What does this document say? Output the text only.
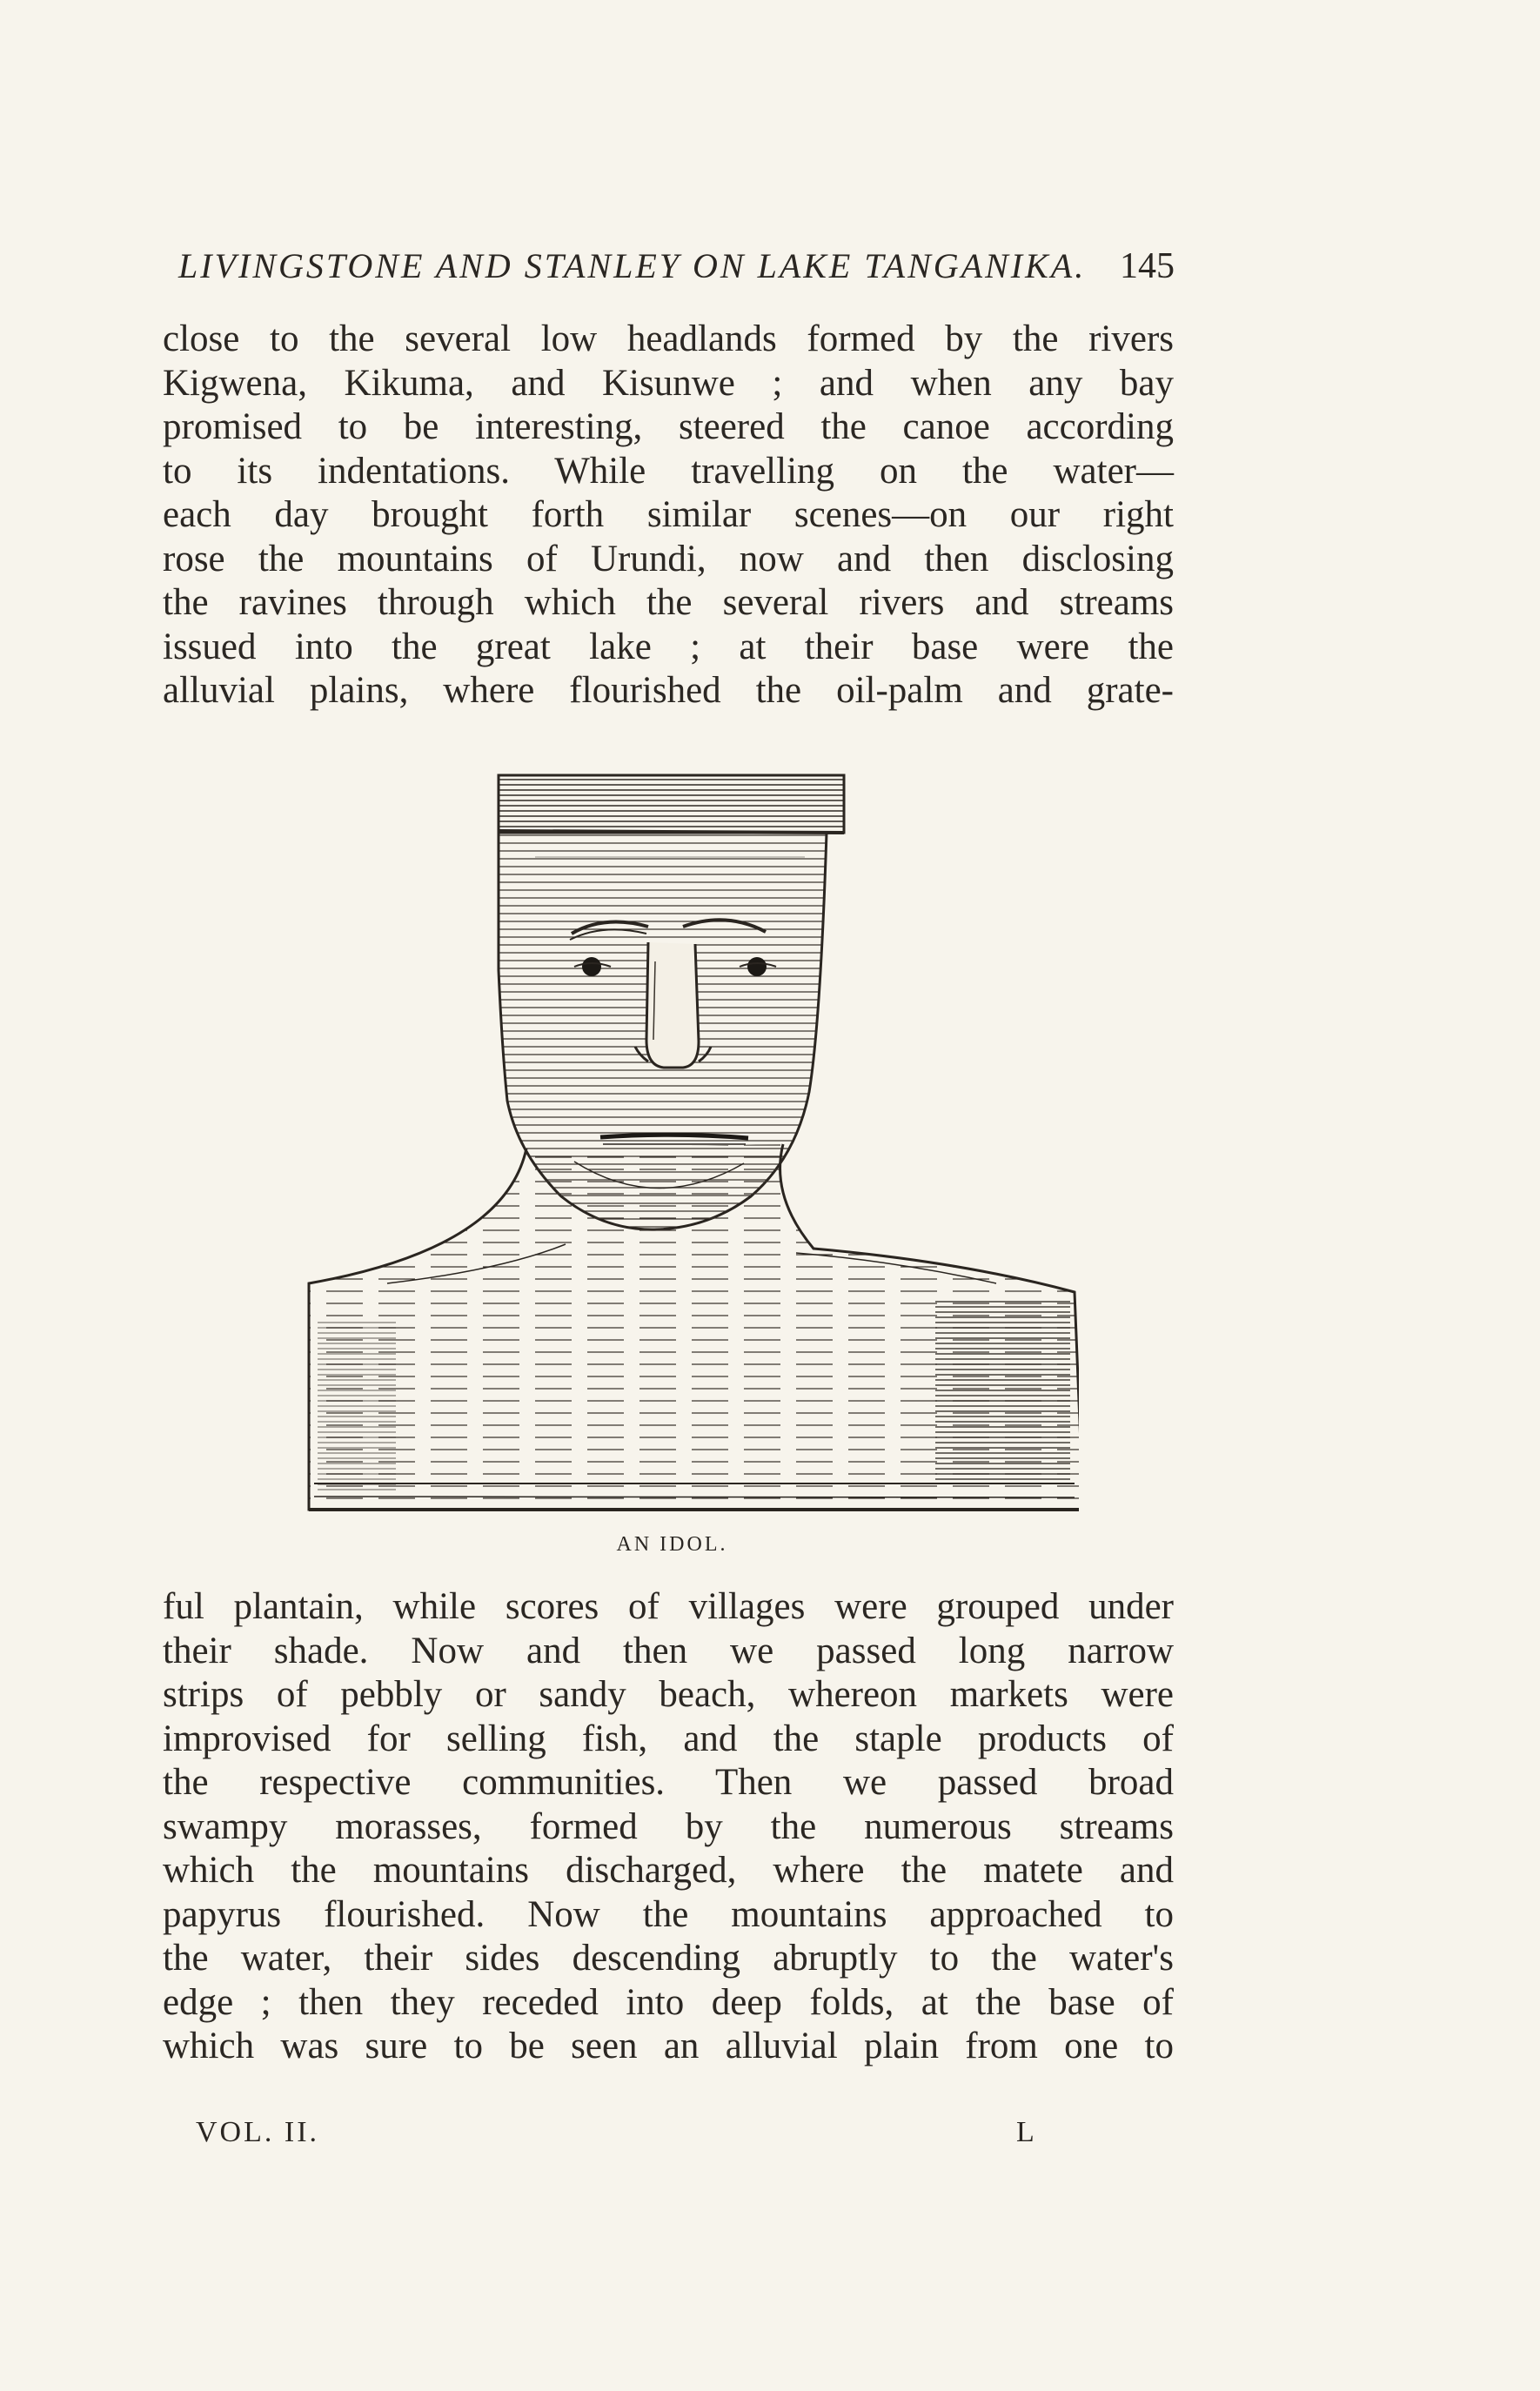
LIVINGSTONE AND STANLEY ON LAKE TANGANIKA. 145
close to the several low headlands formed by the rivers
Kigwena, Kikuma, and Kisunwe ; and when any bay
promised to be interesting, steered the canoe according
to its indentations. While travelling on the water—
each day brought forth similar scenes—on our right
rose the mountains of Urundi, now and then disclosing
the ravines through which the several rivers and streams
issued into the great lake ; at their base were the
alluvial plains, where flourished the oil-palm and grate-
AN IDOL.
ful plantain, while scores of villages were grouped under
their shade. Now and then we passed long narrow
strips of pebbly or sandy beach, whereon markets were
improvised for selling fish, and the staple products of
the respective communities. Then we passed broad
swampy morasses, formed by the numerous streams
which the mountains discharged, where the matete and
papyrus flourished. Now the mountains approached to
the water, their sides descending abruptly to the water's
edge ; then they receded into deep folds, at the base of
which was sure to be seen an alluvial plain from one to
VOL. II.	L
